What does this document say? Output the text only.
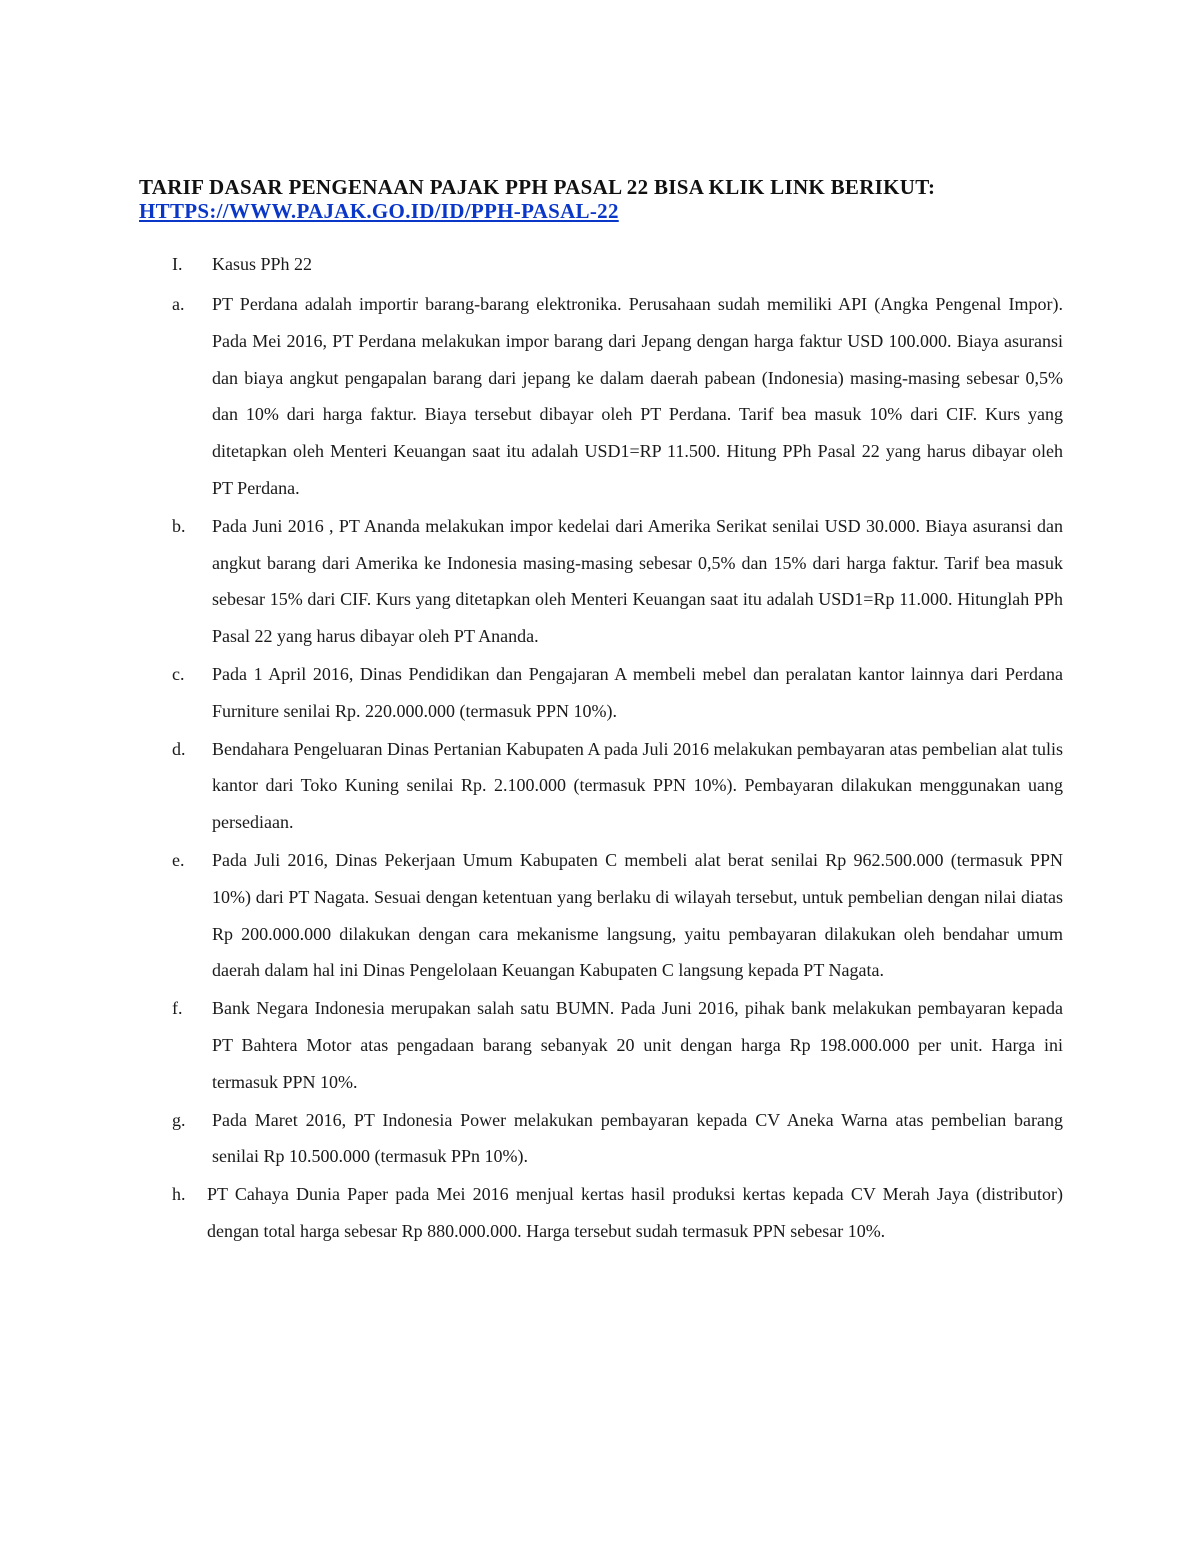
TARIF DASAR PENGENAAN PAJAK PPH PASAL 22 BISA KLIK LINK BERIKUT:
HTTPS://WWW.PAJAK.GO.ID/ID/PPH-PASAL-22
I. Kasus PPh 22
a. PT Perdana adalah importir barang-barang elektronika. Perusahaan sudah memiliki API (Angka Pengenal Impor). Pada Mei 2016, PT Perdana melakukan impor barang dari Jepang dengan harga faktur USD 100.000. Biaya asuransi dan biaya angkut pengapalan barang dari jepang ke dalam daerah pabean (Indonesia) masing-masing sebesar 0,5% dan 10% dari harga faktur. Biaya tersebut dibayar oleh PT Perdana. Tarif bea masuk 10% dari CIF. Kurs yang ditetapkan oleh Menteri Keuangan saat itu adalah USD1=RP 11.500. Hitung PPh Pasal 22 yang harus dibayar oleh PT Perdana.
b. Pada Juni 2016 , PT Ananda melakukan impor kedelai dari Amerika Serikat senilai USD 30.000. Biaya asuransi dan angkut barang dari Amerika ke Indonesia masing-masing sebesar 0,5% dan 15% dari harga faktur. Tarif bea masuk sebesar 15% dari CIF. Kurs yang ditetapkan oleh Menteri Keuangan saat itu adalah USD1=Rp 11.000. Hitunglah PPh Pasal 22 yang harus dibayar oleh PT Ananda.
c. Pada 1 April 2016, Dinas Pendidikan dan Pengajaran A membeli mebel dan peralatan kantor lainnya dari Perdana Furniture senilai Rp. 220.000.000 (termasuk PPN 10%).
d. Bendahara Pengeluaran Dinas Pertanian Kabupaten A pada Juli 2016 melakukan pembayaran atas pembelian alat tulis kantor dari Toko Kuning senilai Rp. 2.100.000 (termasuk PPN 10%). Pembayaran dilakukan menggunakan uang persediaan.
e. Pada Juli 2016, Dinas Pekerjaan Umum Kabupaten C membeli alat berat senilai Rp 962.500.000 (termasuk PPN 10%) dari PT Nagata. Sesuai dengan ketentuan yang berlaku di wilayah tersebut, untuk pembelian dengan nilai diatas Rp 200.000.000 dilakukan dengan cara mekanisme langsung, yaitu pembayaran dilakukan oleh bendahar umum daerah dalam hal ini Dinas Pengelolaan Keuangan Kabupaten C langsung kepada PT Nagata.
f. Bank Negara Indonesia merupakan salah satu BUMN. Pada Juni 2016, pihak bank melakukan pembayaran kepada PT Bahtera Motor atas pengadaan barang sebanyak 20 unit dengan harga Rp 198.000.000 per unit. Harga ini termasuk PPN 10%.
g. Pada Maret 2016, PT Indonesia Power melakukan pembayaran kepada CV Aneka Warna atas pembelian barang senilai Rp 10.500.000 (termasuk PPn 10%).
h. PT Cahaya Dunia Paper pada Mei 2016 menjual kertas hasil produksi kertas kepada CV Merah Jaya (distributor) dengan total harga sebesar Rp 880.000.000. Harga tersebut sudah termasuk PPN sebesar 10%.
